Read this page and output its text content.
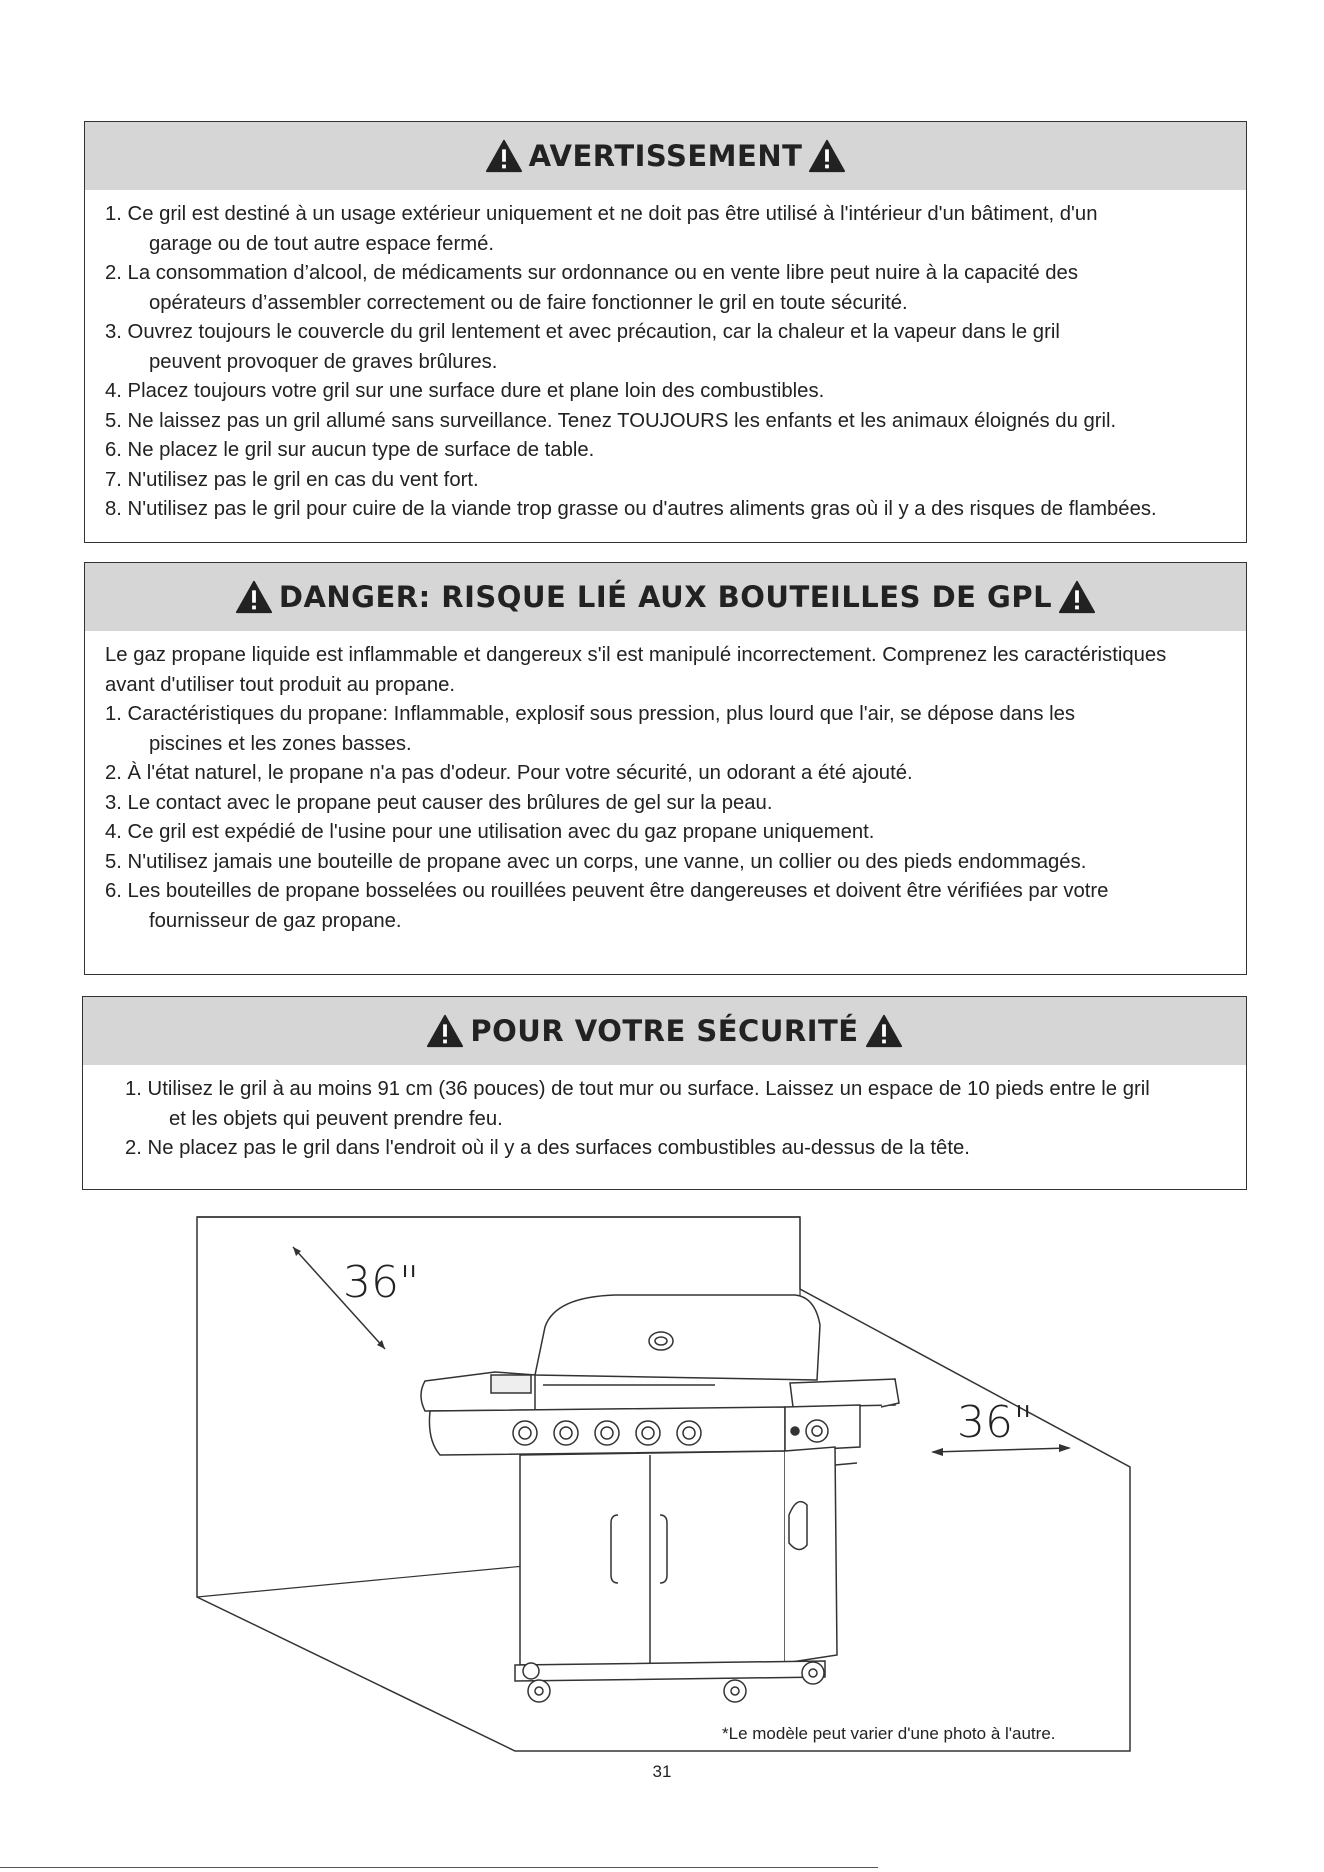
AVERTISSEMENT
1. Ce gril est destiné à un usage extérieur uniquement et ne doit pas être utilisé à l'intérieur d'un bâtiment, d'un
garage ou de tout autre espace fermé.
2. La consommation d’alcool, de médicaments sur ordonnance ou en vente libre peut nuire à la capacité des
opérateurs d’assembler correctement ou de faire fonctionner le gril en toute sécurité.
3. Ouvrez toujours le couvercle du gril lentement et avec précaution, car la chaleur et la vapeur dans le gril
peuvent provoquer de graves brûlures.
4. Placez toujours votre gril sur une surface dure et plane loin des combustibles.
5. Ne laissez pas un gril allumé sans surveillance. Tenez TOUJOURS les enfants et les animaux éloignés du gril.
6. Ne placez le gril sur aucun type de surface de table.
7. N'utilisez pas le gril en cas du vent fort.
8. N'utilisez pas le gril pour cuire de la viande trop grasse ou d'autres aliments gras où il y a des risques de flambées.
DANGER: RISQUE LIÉ AUX BOUTEILLES DE GPL
Le gaz propane liquide est inflammable et dangereux s'il est manipulé incorrectement. Comprenez les caractéristiques
avant d'utiliser tout produit au propane.
1. Caractéristiques du propane: Inflammable, explosif sous pression, plus lourd que l'air, se dépose dans les
piscines et les zones basses.
2. À l'état naturel, le propane n'a pas d'odeur. Pour votre sécurité, un odorant a été ajouté.
3. Le contact avec le propane peut causer des brûlures de gel sur la peau.
4. Ce gril est expédié de l'usine pour une utilisation avec du gaz propane uniquement.
5. N'utilisez jamais une bouteille de propane avec un corps, une vanne, un collier ou des pieds endommagés.
6. Les bouteilles de propane bosselées ou rouillées peuvent être dangereuses et doivent être vérifiées par votre
fournisseur de gaz propane.
POUR VOTRE SÉCURITÉ
1. Utilisez le gril à au moins 91 cm (36 pouces) de tout mur ou surface. Laissez un espace de 10 pieds entre le gril
et les objets qui peuvent prendre feu.
2. Ne placez pas le gril dans l'endroit où il y a des surfaces combustibles au-dessus de la tête.
36"
36"
*Le modèle peut varier d'une photo à l'autre.
31
